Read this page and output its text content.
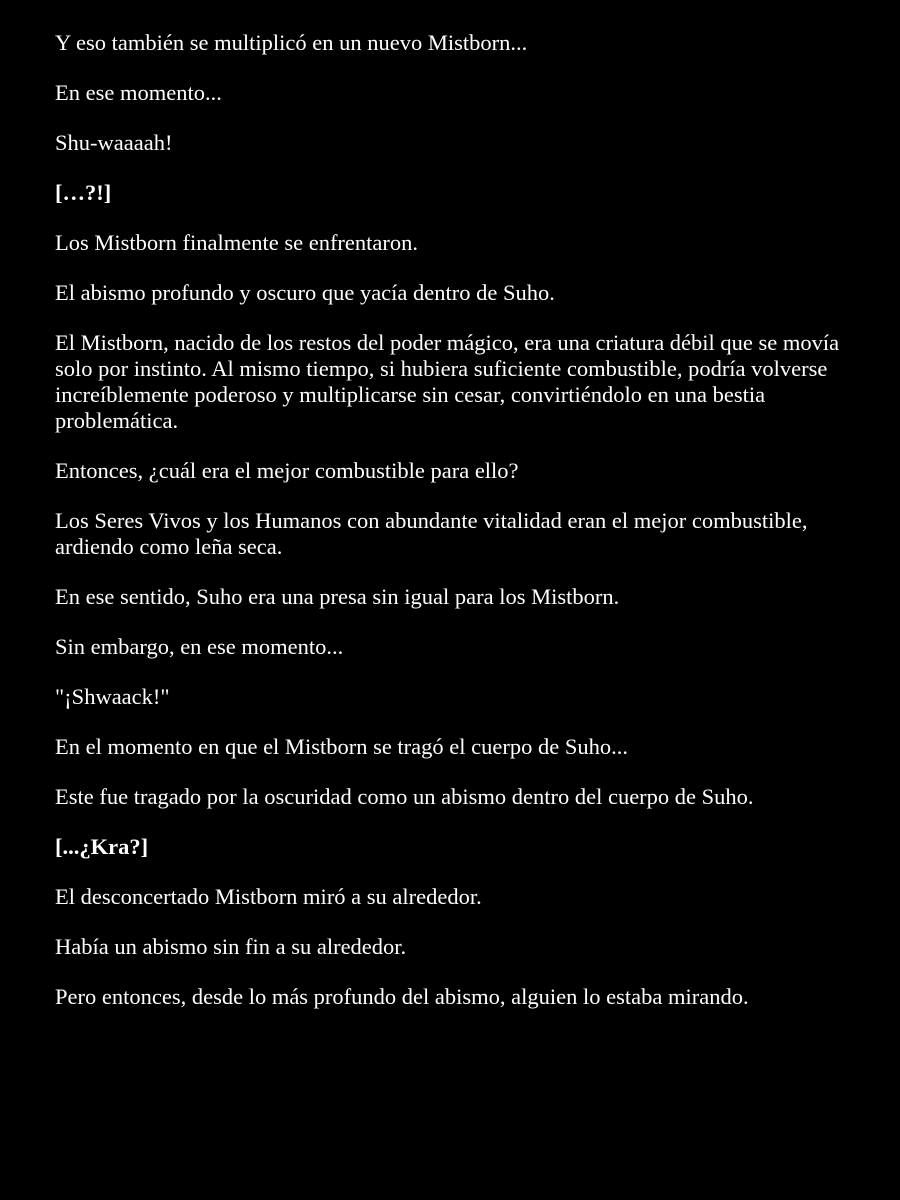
Y eso también se multiplicó en un nuevo Mistborn...

En ese momento...

Shu-waaaah!

[…?!]

Los Mistborn finalmente se enfrentaron.

El abismo profundo y oscuro que yacía dentro de Suho.

El Mistborn, nacido de los restos del poder mágico, era una criatura débil que se movía solo por instinto. Al mismo tiempo, si hubiera suficiente combustible, podría volverse increíblemente poderoso y multiplicarse sin cesar, convirtiéndolo en una bestia problemática.

Entonces, ¿cuál era el mejor combustible para ello?

Los Seres Vivos y los Humanos con abundante vitalidad eran el mejor combustible, ardiendo como leña seca.

En ese sentido, Suho era una presa sin igual para los Mistborn.

Sin embargo, en ese momento...

"¡Shwaack!"

En el momento en que el Mistborn se tragó el cuerpo de Suho...

Este fue tragado por la oscuridad como un abismo dentro del cuerpo de Suho.

[...¿Kra?]

El desconcertado Mistborn miró a su alrededor.

Había un abismo sin fin a su alrededor.

Pero entonces, desde lo más profundo del abismo, alguien lo estaba mirando.
